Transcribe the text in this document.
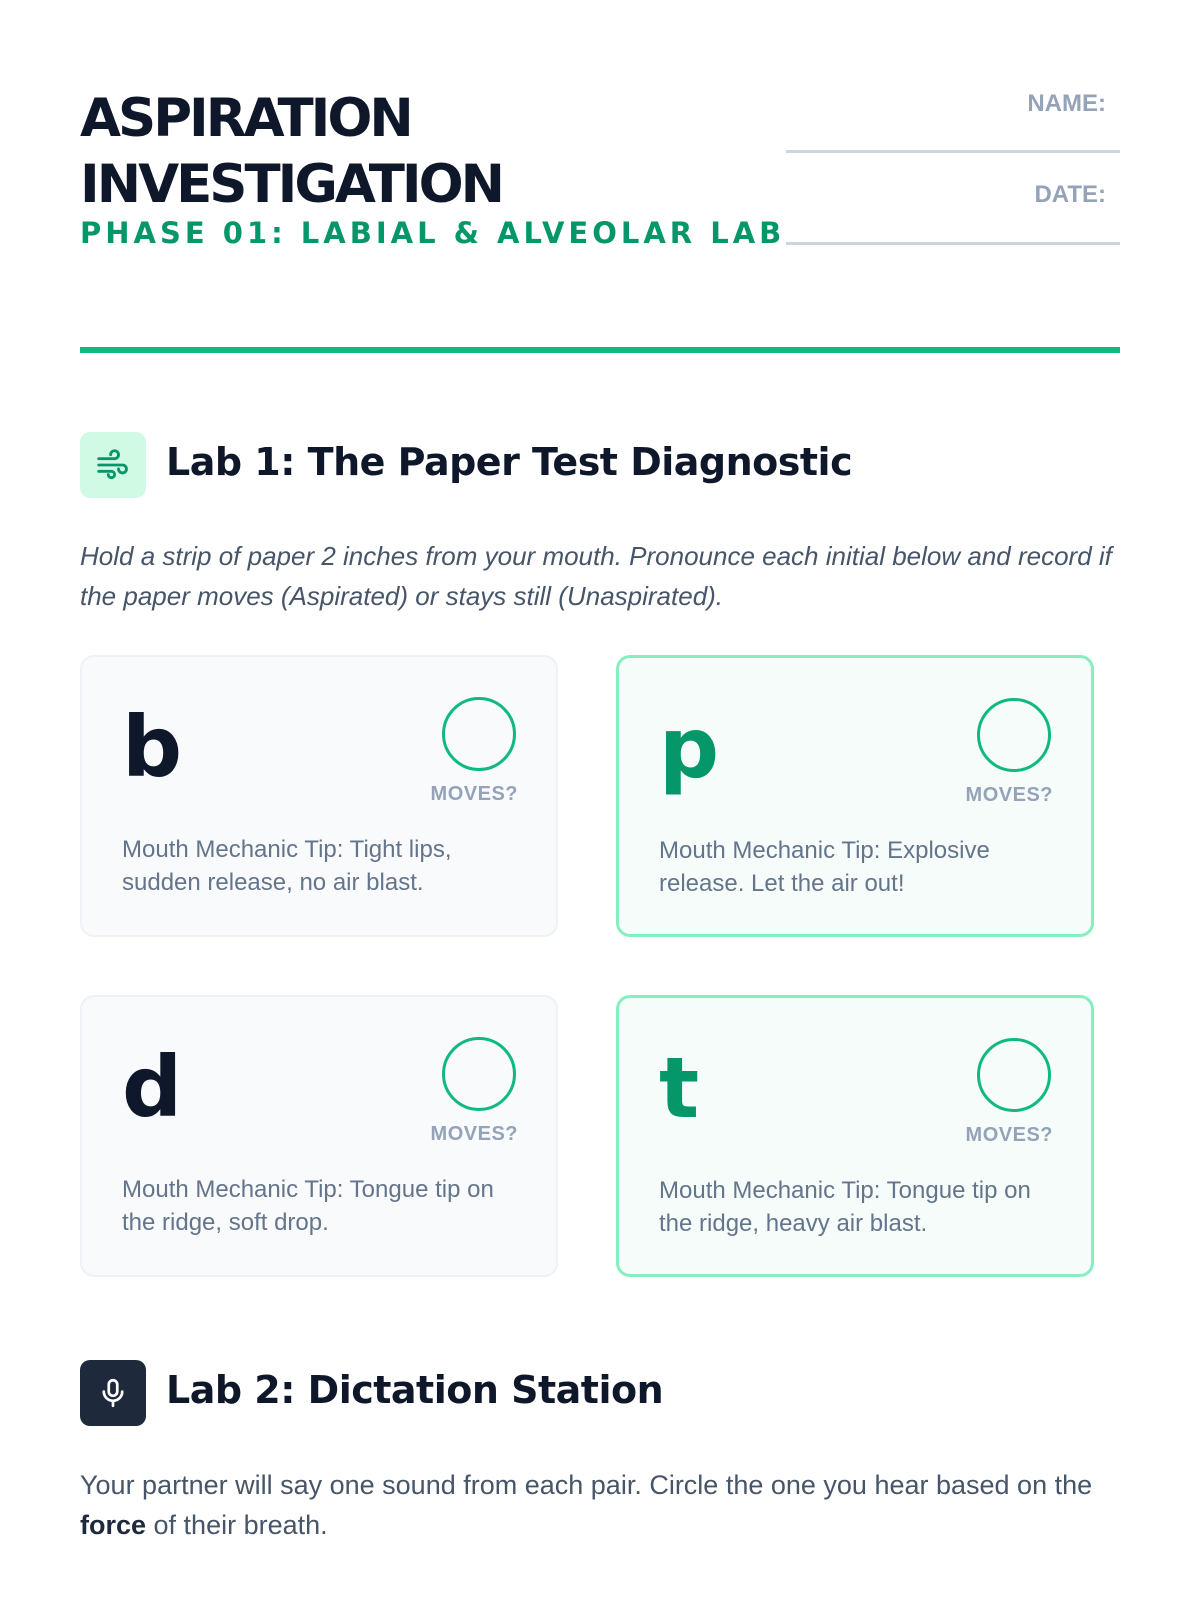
ASPIRATION
INVESTIGATION
PHASE 01: LABIAL & ALVEOLAR LAB
NAME:
DATE:
Lab 1: The Paper Test Diagnostic

Hold a strip of paper 2 inches from your mouth. Pronounce each initial below and record if the paper moves (Aspirated) or stays still (Unaspirated).

b	MOVES?

Mouth Mechanic Tip: Tight lips, sudden release, no air blast.

p	MOVES?

Mouth Mechanic Tip: Explosive release. Let the air out!

d	MOVES?

Mouth Mechanic Tip: Tongue tip on the ridge, soft drop.

t	MOVES?

Mouth Mechanic Tip: Tongue tip on the ridge, heavy air blast.

Lab 2: Dictation Station

Your partner will say one sound from each pair. Circle the one you hear based on the force of their breath.
